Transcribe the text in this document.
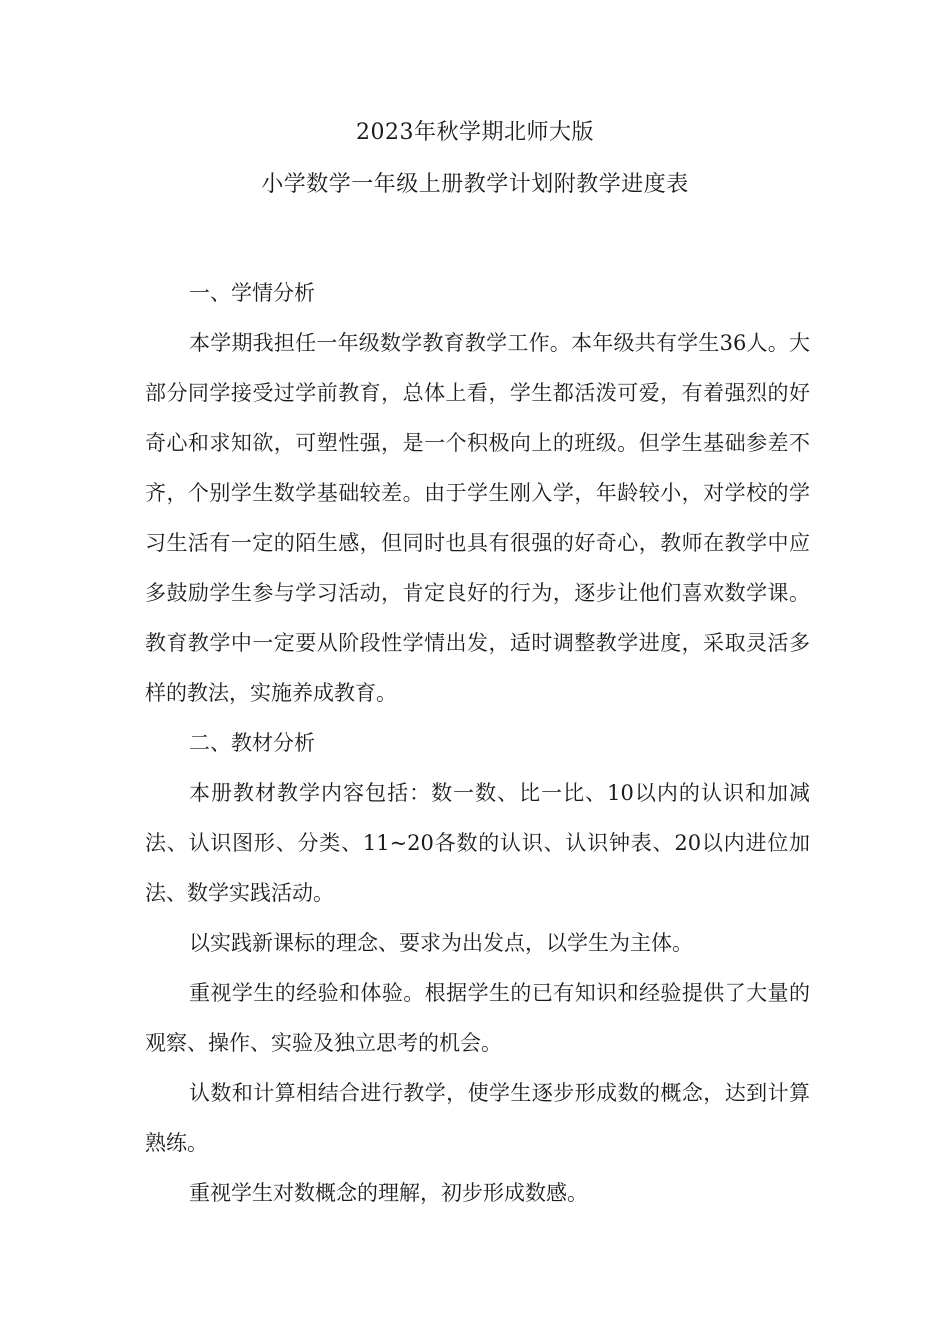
2023年秋学期北师大版
小学数学一年级上册教学计划附教学进度表

一、学情分析

本学期我担任一年级数学教育教学工作。本年级共有学生36人。大部分同学接受过学前教育，总体上看，学生都活泼可爱，有着强烈的好奇心和求知欲，可塑性强，是一个积极向上的班级。但学生基础参差不齐，个别学生数学基础较差。由于学生刚入学，年龄较小，对学校的学习生活有一定的陌生感，但同时也具有很强的好奇心，教师在教学中应多鼓励学生参与学习活动，肯定良好的行为，逐步让他们喜欢数学课。教育教学中一定要从阶段性学情出发，适时调整教学进度，采取灵活多样的教法，实施养成教育。

二、教材分析

本册教材教学内容包括：数一数、比一比、10以内的认识和加减法、认识图形、分类、11~20各数的认识、认识钟表、20以内进位加法、数学实践活动。

以实践新课标的理念、要求为出发点，以学生为主体。

重视学生的经验和体验。根据学生的已有知识和经验提供了大量的观察、操作、实验及独立思考的机会。

认数和计算相结合进行教学，使学生逐步形成数的概念，达到计算熟练。

重视学生对数概念的理解，初步形成数感。
